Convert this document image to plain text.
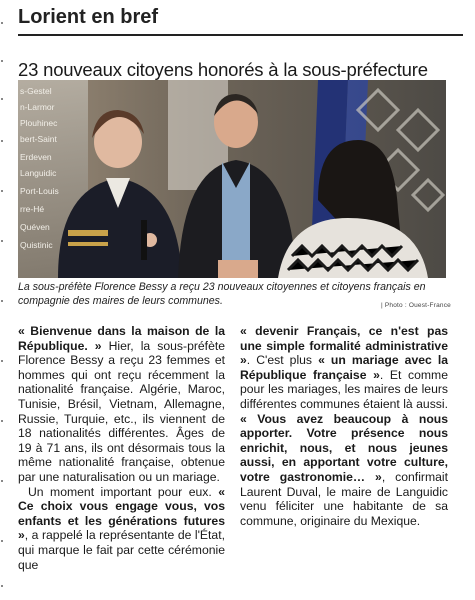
Lorient en bref
23 nouveaux citoyens honorés à la sous-préfecture
s-Gestel
n-Larmor
Plouhinec
bert-Saint
Erdeven
Languidic
Port-Louis
rre-Hé
Quéven
Quistinic
La sous-préfète Florence Bessy a reçu 23 nouveaux citoyennes et citoyens français en compagnie des maires de leurs communes.	| Photo : Ouest-France

« Bienvenue dans la maison de la République. » Hier, la sous-préfète Florence Bessy a reçu 23 femmes et hommes qui ont reçu récemment la nationalité française. Algérie, Maroc, Tunisie, Brésil, Vietnam, Allemagne, Russie, Turquie, etc., ils viennent de 18 nationalités différentes. Âges de 19 à 71 ans, ils ont désormais tous la même nationalité française, obtenue par une naturalisation ou un mariage.

Un moment important pour eux. « Ce choix vous engage vous, vos enfants et les générations futures », a rappelé la représentante de l'État, qui marque le fait par cette cérémonie que

« devenir Français, ce n'est pas une simple formalité administrative ». C'est plus « un mariage avec la République française ». Et comme pour les mariages, les maires de leurs différentes communes étaient là aussi. « Vous avez beaucoup à nous apporter. Votre présence nous enrichit, nous, et nous jeunes aussi, en apportant votre culture, votre gastronomie… », confirmait Laurent Duval, le maire de Languidic venu féliciter une habitante de sa commune, originaire du Mexique.
